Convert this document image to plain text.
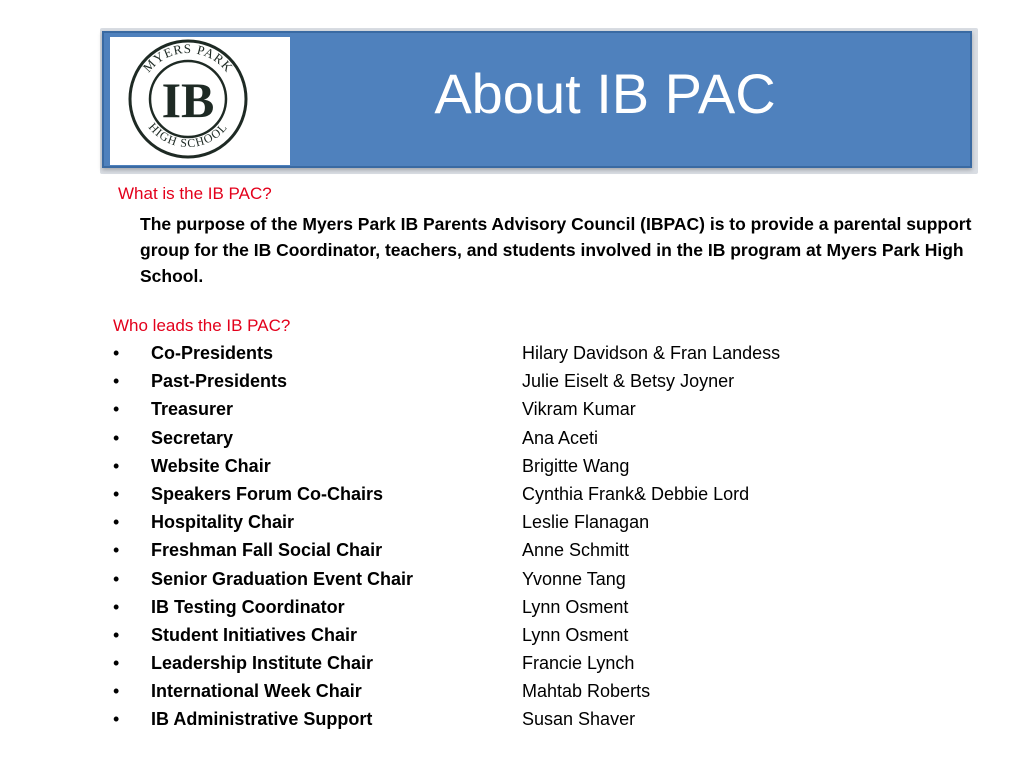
MYERS PARK
HIGH SCHOOL
IB	About IB PAC
What is the IB PAC?
The purpose of the Myers Park IB Parents Advisory Council (IBPAC) is to provide a parental support group for the IB Coordinator, teachers, and students involved in the IB program at Myers Park High School.
Who leads the IB PAC?
• Co-Presidents	Hilary Davidson & Fran Landess
• Past-Presidents	Julie Eiselt & Betsy Joyner
• Treasurer	Vikram Kumar
• Secretary	Ana Aceti
• Website Chair	Brigitte Wang
• Speakers Forum Co-Chairs	Cynthia Frank& Debbie Lord
• Hospitality Chair	Leslie Flanagan
• Freshman Fall Social Chair	Anne Schmitt
• Senior Graduation Event Chair	Yvonne Tang
• IB Testing Coordinator	Lynn Osment
• Student Initiatives Chair	Lynn Osment
• Leadership Institute Chair	Francie Lynch
• International Week Chair	Mahtab Roberts
• IB Administrative Support	Susan Shaver
